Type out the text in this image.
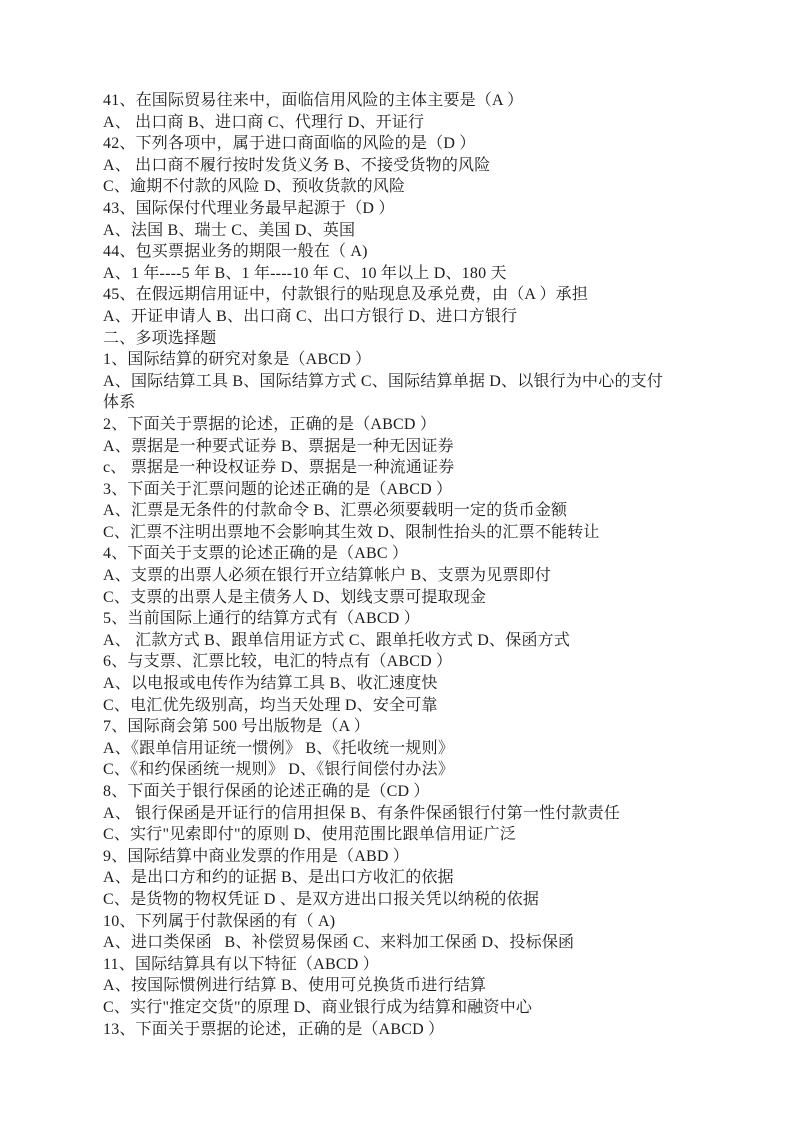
41、在国际贸易往来中，面临信用风险的主体主要是（A ）
A、 出口商 B、进口商 C、代理行 D、开证行
42、下列各项中，属于进口商面临的风险的是（D ）
A、 出口商不履行按时发货义务 B、不接受货物的风险
C、逾期不付款的风险 D、预收货款的风险
43、国际保付代理业务最早起源于（D ）
A、法国 B、瑞士 C、美国 D、英国
44、包买票据业务的期限一般在（ A)
A、1 年----5 年 B、1 年----10 年 C、10 年以上 D、180 天
45、在假远期信用证中，付款银行的贴现息及承兑费，由（A ）承担
A、开证申请人 B、出口商 C、出口方银行 D、进口方银行
二、多项选择题
1、国际结算的研究对象是（ABCD ）
A、国际结算工具 B、国际结算方式 C、国际结算单据 D、以银行为中心的支付
体系
2、下面关于票据的论述，正确的是（ABCD ）
A、票据是一种要式证券 B、票据是一种无因证券
c、 票据是一种设权证券 D、票据是一种流通证券
3、下面关于汇票问题的论述正确的是（ABCD ）
A、汇票是无条件的付款命令 B、汇票必须要载明一定的货币金额
C、汇票不注明出票地不会影响其生效 D、限制性抬头的汇票不能转让
4、下面关于支票的论述正确的是（ABC ）
A、支票的出票人必须在银行开立结算帐户 B、支票为见票即付
C、支票的出票人是主债务人 D、划线支票可提取现金
5、当前国际上通行的结算方式有（ABCD ）
A、 汇款方式 B、跟单信用证方式 C、跟单托收方式 D、保函方式
6、与支票、汇票比较，电汇的特点有（ABCD ）
A、以电报或电传作为结算工具 B、收汇速度快
C、电汇优先级别高，均当天处理 D、安全可靠
7、国际商会第 500 号出版物是（A ）
A、《跟单信用证统一惯例》 B、《托收统一规则》
C、《和约保函统一规则》 D、《银行间偿付办法》
8、下面关于银行保函的论述正确的是（CD ）
A、 银行保函是开证行的信用担保 B、有条件保函银行付第一性付款责任
C、实行"见索即付"的原则 D、使用范围比跟单信用证广泛
9、国际结算中商业发票的作用是（ABD ）
A、是出口方和约的证据 B、是出口方收汇的依据
C、是货物的物权凭证 D 、是双方进出口报关凭以纳税的依据
10、下列属于付款保函的有（ A)
A、进口类保函   B、补偿贸易保函 C、来料加工保函 D、投标保函
11、国际结算具有以下特征（ABCD ）
A、按国际惯例进行结算 B、使用可兑换货币进行结算
C、实行"推定交货"的原理 D、商业银行成为结算和融资中心
13、下面关于票据的论述，正确的是（ABCD ）
